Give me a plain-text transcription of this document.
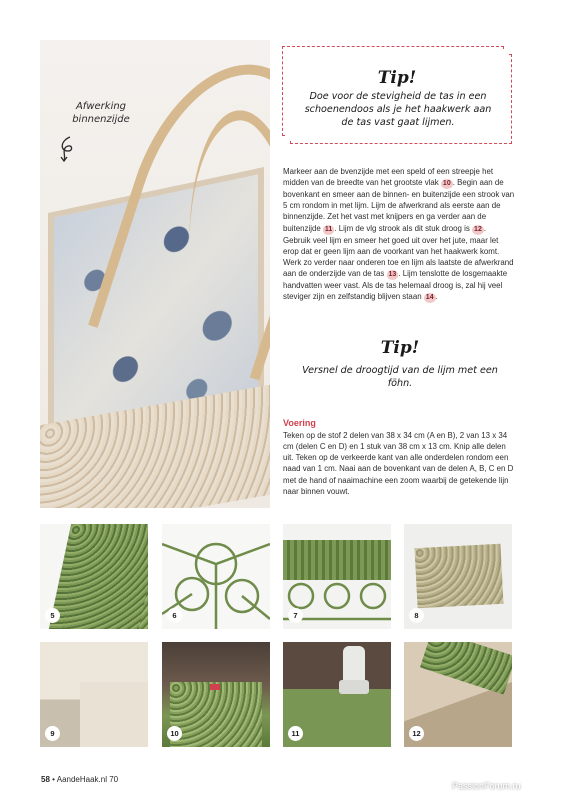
Afwerking binnenzijde
Tip!
Doe voor de stevigheid de tas in een schoenendoos als je het haakwerk aan de tas vast gaat lijmen.
Markeer aan de bvenzijde met een speld of een streepje het midden van de breedte van het grootste vlak 10 . Begin aan de bovenkant en smeer aan de binnen- en buitenzijde een strook van 5 cm rondom in met lijm. Lijm de afwerkrand als eerste aan de binnenzijde. Zet het vast met knijpers en ga verder aan de buitenzijde 11 . Lijm de vlg strook als dit stuk droog is 12 . Gebruik veel lijm en smeer het goed uit over het jute, maar let erop dat er geen lijm aan de voorkant van het haakwerk komt. Werk zo verder naar onderen toe en lijm als laatste de afwerkrand aan de onderzijde van de tas 13 . Lijm tenslotte de losgemaakte handvatten weer vast. Als de tas helemaal droog is, zal hij veel steviger zijn en zelfstandig blijven staan 14 .
Tip!
Versnel de droogtijd van de lijm met een föhn.
Voering
Teken op de stof 2 delen van 38 x 34 cm (A en B), 2 van 13 x 34 cm (delen C en D) en 1 stuk van 38 cm x 13 cm. Knip alle delen uit. Teken op de verkeerde kant van alle onderdelen rondom een naad van 1 cm. Naai aan de bovenkant van de delen A, B, C en D met de hand of naaimachine een zoom waarbij de getekende lijn naar binnen vouwt.
5	6	7	8
9	10	11	12
58 • AandeHaak.nl 70
PassionForum.ru
